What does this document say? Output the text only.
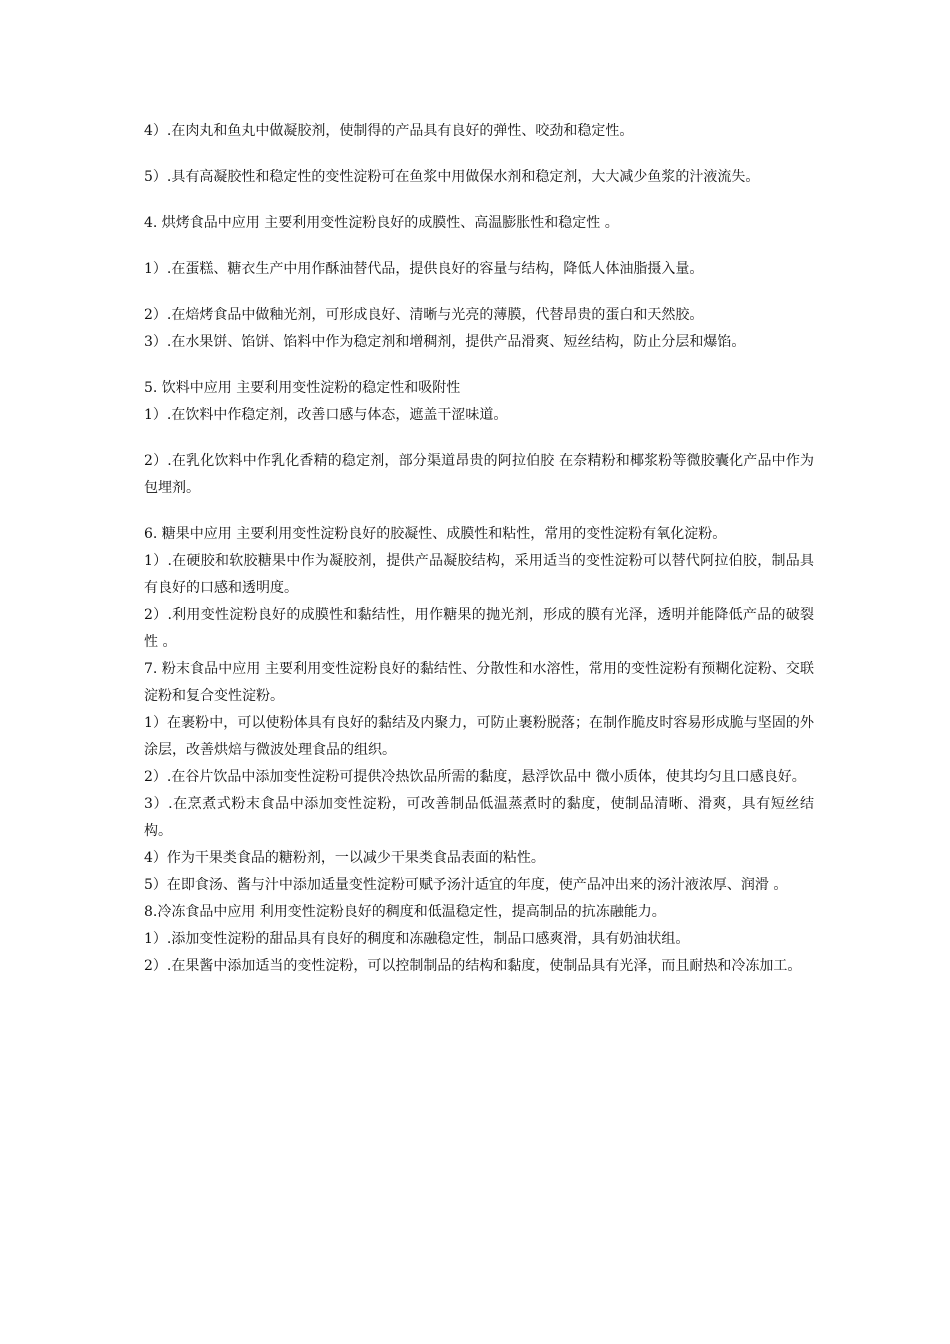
4）.在肉丸和鱼丸中做凝胶剂，使制得的产品具有良好的弹性、咬劲和稳定性。

5）.具有高凝胶性和稳定性的变性淀粉可在鱼浆中用做保水剂和稳定剂，大大减少鱼浆的汁液流失。

4. 烘烤食品中应用 主要利用变性淀粉良好的成膜性、高温膨胀性和稳定性 。

1）.在蛋糕、糖衣生产中用作酥油替代品，提供良好的容量与结构，降低人体油脂摄入量。

2）.在焙烤食品中做釉光剂，可形成良好、清晰与光亮的薄膜，代替昂贵的蛋白和天然胶。

3）.在水果饼、馅饼、馅料中作为稳定剂和增稠剂，提供产品滑爽、短丝结构，防止分层和爆馅。

5. 饮料中应用 主要利用变性淀粉的稳定性和吸附性

1）.在饮料中作稳定剂，改善口感与体态，遮盖干涩味道。

2）.在乳化饮料中作乳化香精的稳定剂，部分渠道昂贵的阿拉伯胶 在奈精粉和椰浆粉等微胶囊化产品中作为包埋剂。

6. 糖果中应用 主要利用变性淀粉良好的胶凝性、成膜性和粘性，常用的变性淀粉有氧化淀粉。

1）.在硬胶和软胶糖果中作为凝胶剂，提供产品凝胶结构，采用适当的变性淀粉可以替代阿拉伯胶，制品具有良好的口感和透明度。

2）.利用变性淀粉良好的成膜性和黏结性，用作糖果的抛光剂，形成的膜有光泽，透明并能降低产品的破裂性 。

7. 粉末食品中应用 主要利用变性淀粉良好的黏结性、分散性和水溶性，常用的变性淀粉有预糊化淀粉、交联淀粉和复合变性淀粉。

1）在裹粉中，可以使粉体具有良好的黏结及内聚力，可防止裹粉脱落；在制作脆皮时容易形成脆与坚固的外涂层，改善烘焙与微波处理食品的组织。

2）.在谷片饮品中添加变性淀粉可提供冷热饮品所需的黏度，悬浮饮品中 微小质体，使其均匀且口感良好。

3）.在烹煮式粉末食品中添加变性淀粉，可改善制品低温蒸煮时的黏度，使制品清晰、滑爽，具有短丝结构。

4）作为干果类食品的糖粉剂，一以减少干果类食品表面的粘性。

5）在即食汤、酱与汁中添加适量变性淀粉可赋予汤汁适宜的年度，使产品冲出来的汤汁液浓厚、润滑 。

8.冷冻食品中应用 利用变性淀粉良好的稠度和低温稳定性，提高制品的抗冻融能力。

1）.添加变性淀粉的甜品具有良好的稠度和冻融稳定性，制品口感爽滑，具有奶油状组。

2）.在果酱中添加适当的变性淀粉，可以控制制品的结构和黏度，使制品具有光泽，而且耐热和冷冻加工。
